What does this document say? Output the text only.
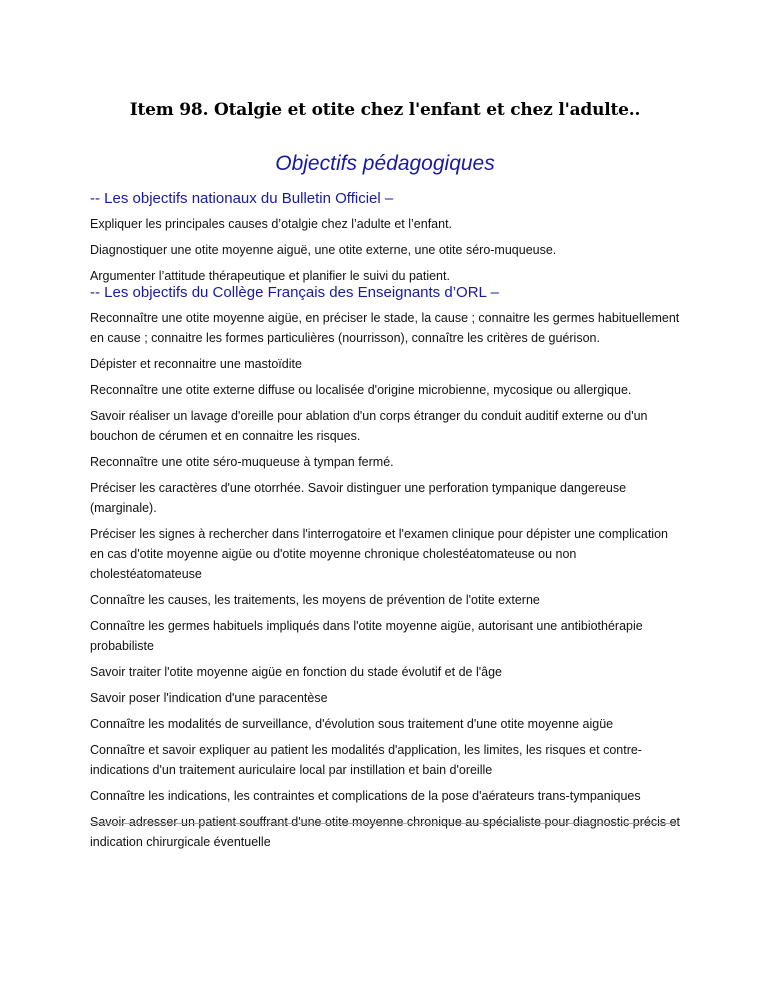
Item 98. Otalgie et otite chez l'enfant et chez l'adulte..
Objectifs pédagogiques
-- Les objectifs nationaux du Bulletin Officiel –
Expliquer les principales causes d’otalgie chez l’adulte et l’enfant.
Diagnostiquer une otite moyenne aiguë, une otite externe, une otite séro-muqueuse.
Argumenter l’attitude thérapeutique et planifier le suivi du patient.
-- Les objectifs du Collège Français des Enseignants d’ORL –
Reconnaître une otite moyenne aigüe, en préciser le stade, la cause ; connaitre les germes habituellement en cause ; connaitre les formes particulières (nourrisson), connaître les critères de guérison.
Dépister et reconnaitre une mastoïdite
Reconnaître une otite externe diffuse ou localisée d'origine microbienne, mycosique ou allergique.
Savoir réaliser un lavage d'oreille pour ablation d'un corps étranger du conduit auditif externe ou d'un bouchon de cérumen et en connaitre les risques.
Reconnaître une otite séro-muqueuse à tympan fermé.
Préciser les caractères d'une otorrhée. Savoir distinguer une perforation tympanique dangereuse (marginale).
Préciser les signes à rechercher dans l'interrogatoire et l'examen clinique pour dépister une complication en cas d'otite moyenne aigüe ou d'otite moyenne chronique cholestéatomateuse ou non cholestéatomateuse
Connaître les causes, les traitements, les moyens de prévention de l'otite externe
Connaître les germes habituels impliqués dans l'otite moyenne aigüe, autorisant une antibiothérapie probabiliste
Savoir traiter l'otite moyenne aigüe en fonction du stade évolutif et de l'âge
Savoir poser l'indication d'une paracentèse
Connaître les modalités de surveillance, d'évolution sous traitement d'une otite moyenne aigüe
Connaître et savoir expliquer au patient les modalités d'application, les limites, les risques et contre-indications d'un traitement auriculaire local par instillation et bain d'oreille
Connaître les indications, les contraintes et complications de la pose d'aérateurs trans-tympaniques
Savoir adresser un patient souffrant d'une otite moyenne chronique au spécialiste pour diagnostic précis et indication chirurgicale éventuelle
